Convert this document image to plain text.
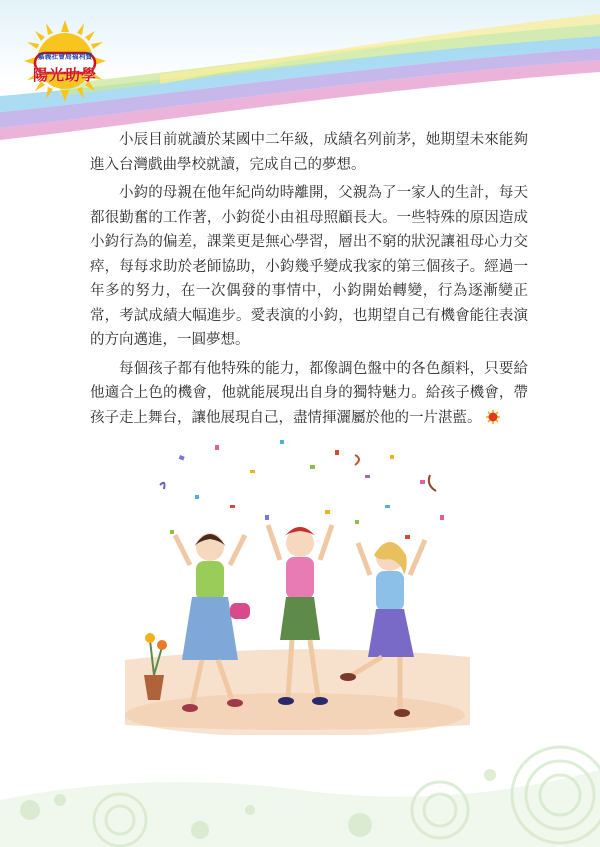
嘉義社會局福利費
陽光助學

小辰目前就讀於某國中二年級，成績名列前茅，她期望未來能夠進入台灣戲曲學校就讀，完成自己的夢想。

小鈞的母親在他年紀尚幼時離開，父親為了一家人的生計，每天都很勤奮的工作著，小鈞從小由祖母照顧長大。一些特殊的原因造成小鈞行為的偏差，課業更是無心學習，層出不窮的狀況讓祖母心力交瘁，每每求助於老師協助，小鈞幾乎變成我家的第三個孩子。經過一年多的努力，在一次偶發的事情中，小鈞開始轉變，行為逐漸變正常，考試成績大幅進步。愛表演的小鈞，也期望自己有機會能往表演的方向邁進，一圓夢想。

每個孩子都有他特殊的能力，都像調色盤中的各色顏料，只要給他適合上色的機會，他就能展現出自身的獨特魅力。給孩子機會，帶孩子走上舞台，讓他展現自己，盡情揮灑屬於他的一片湛藍。
